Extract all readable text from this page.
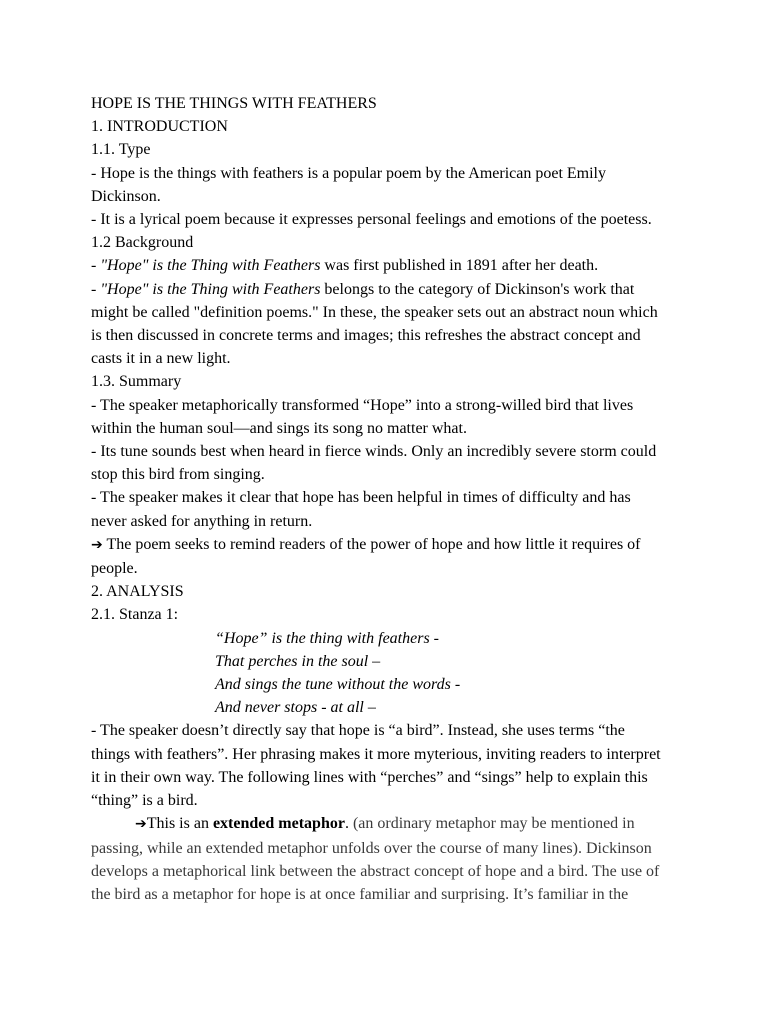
HOPE IS THE THINGS WITH FEATHERS
1. INTRODUCTION
1.1. Type
- Hope is the things with feathers is a popular poem by the American poet Emily
Dickinson.
- It is a lyrical poem because it expresses personal feelings and emotions of the poetess.
1.2 Background
- "Hope" is the Thing with Feathers was first published in 1891 after her death.
- "Hope" is the Thing with Feathers belongs to the category of Dickinson's work that
might be called "definition poems." In these, the speaker sets out an abstract noun which
is then discussed in concrete terms and images; this refreshes the abstract concept and
casts it in a new light.
1.3. Summary
- The speaker metaphorically transformed “Hope” into a strong-willed bird that lives
within the human soul—and sings its song no matter what.
- Its tune sounds best when heard in fierce winds. Only an incredibly severe storm could
stop this bird from singing.
- The speaker makes it clear that hope has been helpful in times of difficulty and has
never asked for anything in return.
➔ The poem seeks to remind readers of the power of hope and how little it requires of
people.
2. ANALYSIS
2.1. Stanza 1:
“Hope” is the thing with feathers -
That perches in the soul –
And sings the tune without the words -
And never stops - at all –
- The speaker doesn’t directly say that hope is “a bird”. Instead, she uses terms “the
things with feathers”. Her phrasing makes it more myterious, inviting readers to interpret
it in their own way. The following lines with “perches” and “sings” help to explain this
“thing” is a bird.
➔This is an extended metaphor. (an ordinary metaphor may be mentioned in
passing, while an extended metaphor unfolds over the course of many lines). Dickinson
develops a metaphorical link between the abstract concept of hope and a bird. The use of
the bird as a metaphor for hope is at once familiar and surprising. It’s familiar in the
